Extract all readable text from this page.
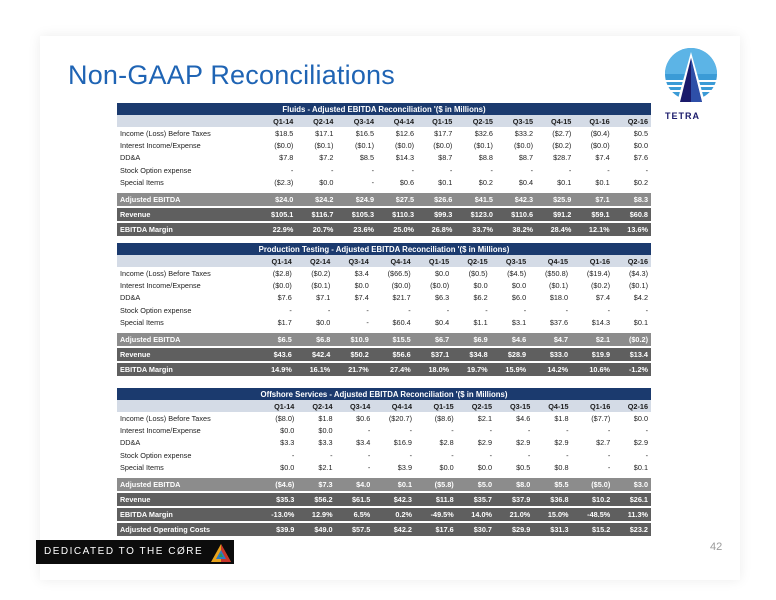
Non-GAAP Reconciliations
TETRA
Fluids - Adjusted EBITDA Reconciliation '($ in Millions)										
	Q1-14	Q2-14	Q3-14	Q4-14	Q1-15	Q2-15	Q3-15	Q4-15	Q1-16	Q2-16
Income (Loss) Before Taxes	$18.5	$17.1	$16.5	$12.6	$17.7	$32.6	$33.2	($2.7)	($0.4)	$0.5
Interest Income/Expense	($0.0)	($0.1)	($0.1)	($0.0)	($0.0)	($0.1)	($0.0)	($0.2)	($0.0)	$0.0
DD&A	$7.8	$7.2	$8.5	$14.3	$8.7	$8.8	$8.7	$28.7	$7.4	$7.6
Stock Option expense	-	-	-	-	-	-	-	-	-	-
Special Items	($2.3)	$0.0	-	$0.6	$0.1	$0.2	$0.4	$0.1	$0.1	$0.2

Adjusted EBITDA	$24.0	$24.2	$24.9	$27.5	$26.6	$41.5	$42.3	$25.9	$7.1	$8.3

Revenue	$105.1	$116.7	$105.3	$110.3	$99.3	$123.0	$110.6	$91.2	$59.1	$60.8

EBITDA Margin	22.9%	20.7%	23.6%	25.0%	26.8%	33.7%	38.2%	28.4%	12.1%	13.6%
Production Testing - Adjusted EBITDA Reconciliation '($ in Millions)										
	Q1-14	Q2-14	Q3-14	Q4-14	Q1-15	Q2-15	Q3-15	Q4-15	Q1-16	Q2-16
Income (Loss) Before Taxes	($2.8)	($0.2)	$3.4	($66.5)	$0.0	($0.5)	($4.5)	($50.8)	($19.4)	($4.3)
Interest Income/Expense	($0.0)	($0.1)	$0.0	($0.0)	($0.0)	$0.0	$0.0	($0.1)	($0.2)	($0.1)
DD&A	$7.6	$7.1	$7.4	$21.7	$6.3	$6.2	$6.0	$18.0	$7.4	$4.2
Stock Option expense	-	-	-	-	-	-	-	-	-	-
Special Items	$1.7	$0.0	-	$60.4	$0.4	$1.1	$3.1	$37.6	$14.3	$0.1

Adjusted EBITDA	$6.5	$6.8	$10.9	$15.5	$6.7	$6.9	$4.6	$4.7	$2.1	($0.2)

Revenue	$43.6	$42.4	$50.2	$56.6	$37.1	$34.8	$28.9	$33.0	$19.9	$13.4

EBITDA Margin	14.9%	16.1%	21.7%	27.4%	18.0%	19.7%	15.9%	14.2%	10.6%	-1.2%
Offshore Services - Adjusted EBITDA Reconciliation '($ in Millions)										
	Q1-14	Q2-14	Q3-14	Q4-14	Q1-15	Q2-15	Q3-15	Q4-15	Q1-16	Q2-16
Income (Loss) Before Taxes	($8.0)	$1.8	$0.6	($20.7)	($8.6)	$2.1	$4.6	$1.8	($7.7)	$0.0
Interest Income/Expense	$0.0	$0.0	-	-	-	-	-	-	-	-
DD&A	$3.3	$3.3	$3.4	$16.9	$2.8	$2.9	$2.9	$2.9	$2.7	$2.9
Stock Option expense	-	-	-	-	-	-	-	-	-	-
Special Items	$0.0	$2.1	-	$3.9	$0.0	$0.0	$0.5	$0.8	-	$0.1

Adjusted EBITDA	($4.6)	$7.3	$4.0	$0.1	($5.8)	$5.0	$8.0	$5.5	($5.0)	$3.0

Revenue	$35.3	$56.2	$61.5	$42.3	$11.8	$35.7	$37.9	$36.8	$10.2	$26.1

EBITDA Margin	-13.0%	12.9%	6.5%	0.2%	-49.5%	14.0%	21.0%	15.0%	-48.5%	11.3%

Adjusted Operating Costs	$39.9	$49.0	$57.5	$42.2	$17.6	$30.7	$29.9	$31.3	$15.2	$23.2
DEDICATED TO THE CØRE	42
